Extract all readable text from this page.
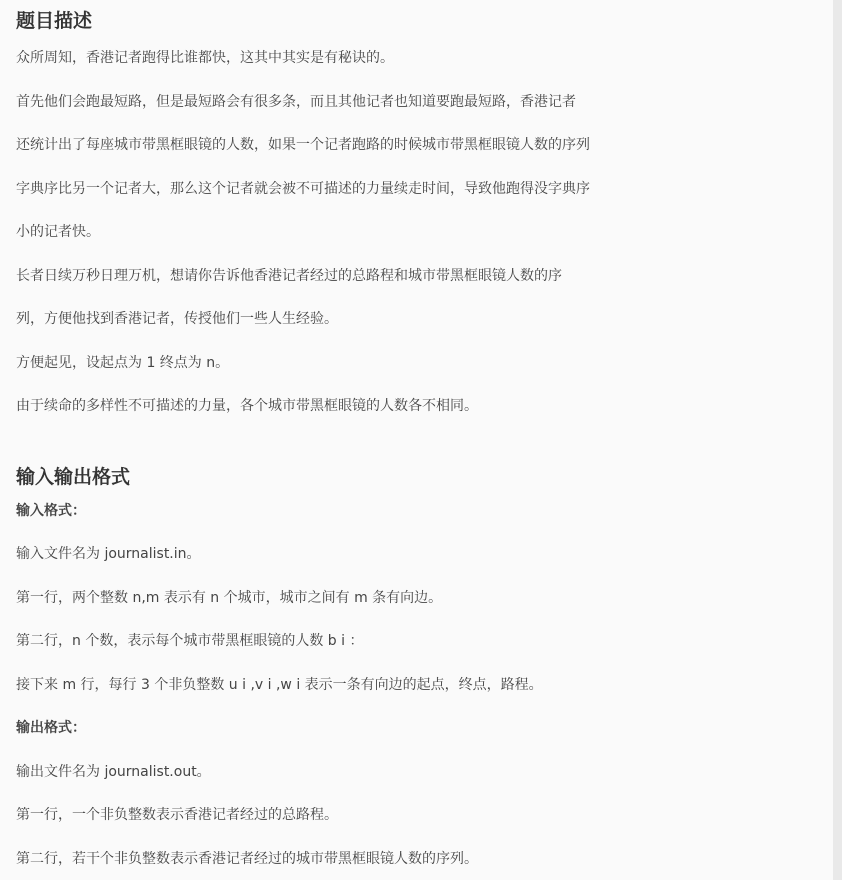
题目描述

众所周知，香港记者跑得比谁都快，这其中其实是有秘诀的。

首先他们会跑最短路，但是最短路会有很多条，而且其他记者也知道要跑最短路，香港记者

还统计出了每座城市带黑框眼镜的人数，如果一个记者跑路的时候城市带黑框眼镜人数的序列

字典序比另一个记者大，那么这个记者就会被不可描述的力量续走时间，导致他跑得没字典序

小的记者快。

长者日续万秒日理万机，想请你告诉他香港记者经过的总路程和城市带黑框眼镜人数的序

列，方便他找到香港记者，传授他们一些人生经验。

方便起见，设起点为 1 终点为 n。

由于续命的多样性不可描述的力量，各个城市带黑框眼镜的人数各不相同。

输入输出格式

输入格式：

输入文件名为 journalist.in。

第一行，两个整数 n,m 表示有 n 个城市，城市之间有 m 条有向边。

第二行，n 个数，表示每个城市带黑框眼镜的人数 b i ：

接下来 m 行，每行 3 个非负整数 u i ,v i ,w i 表示一条有向边的起点，终点，路程。

输出格式：

输出文件名为 journalist.out。

第一行，一个非负整数表示香港记者经过的总路程。

第二行，若干个非负整数表示香港记者经过的城市带黑框眼镜人数的序列。
